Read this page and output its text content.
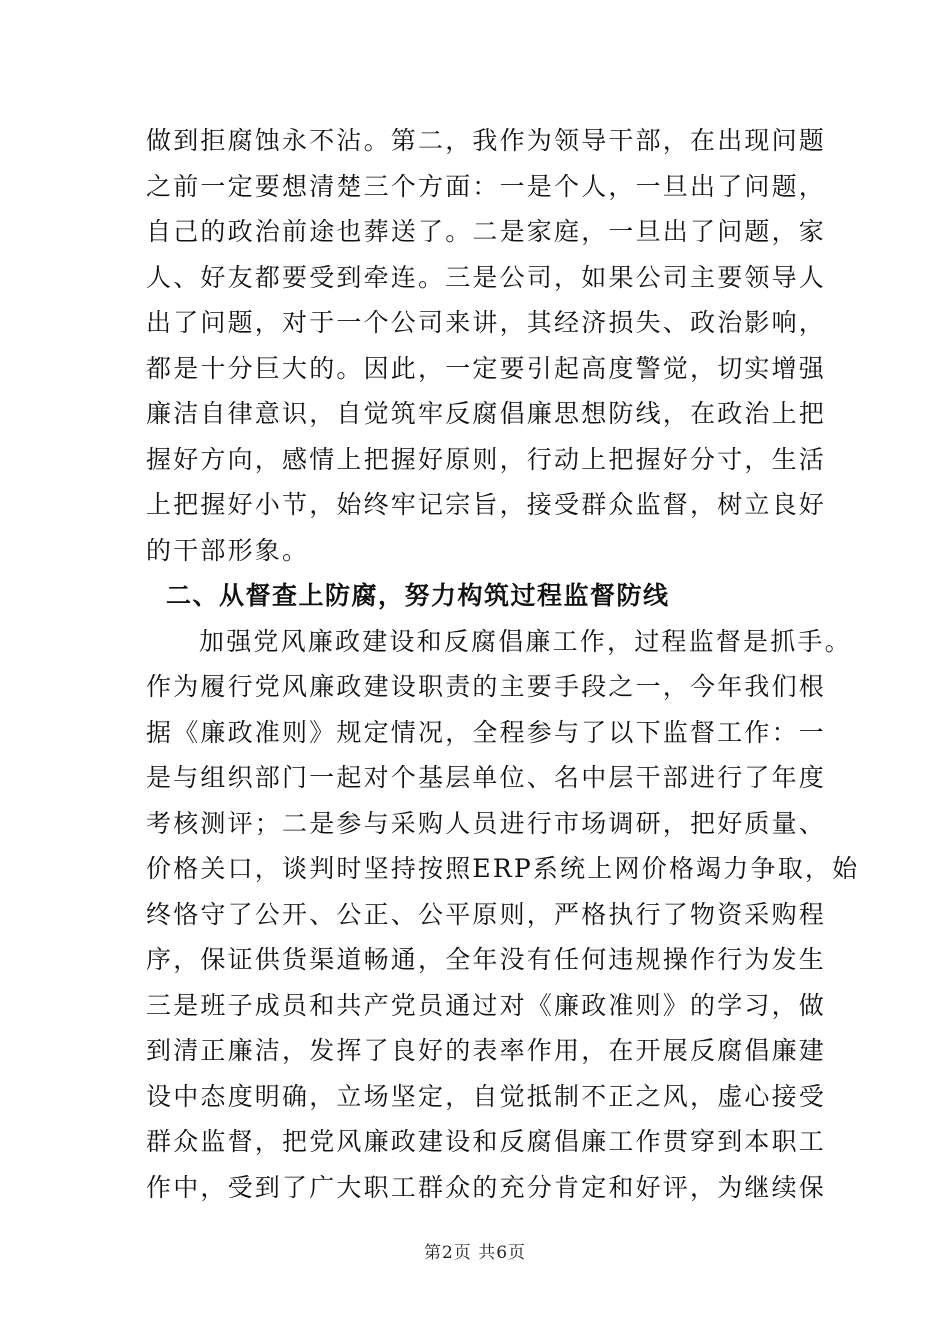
做到拒腐蚀永不沾。第二，我作为领导干部，在出现问题
之前一定要想清楚三个方面：一是个人，一旦出了问题，
自己的政治前途也葬送了。二是家庭，一旦出了问题，家
人、好友都要受到牵连。三是公司，如果公司主要领导人
出了问题，对于一个公司来讲，其经济损失、政治影响，
都是十分巨大的。因此，一定要引起高度警觉，切实增强
廉洁自律意识，自觉筑牢反腐倡廉思想防线，在政治上把
握好方向，感情上把握好原则，行动上把握好分寸，生活
上把握好小节，始终牢记宗旨，接受群众监督，树立良好
的干部形象。
二、从督查上防腐，努力构筑过程监督防线
加强党风廉政建设和反腐倡廉工作，过程监督是抓手。
作为履行党风廉政建设职责的主要手段之一，今年我们根
据《廉政准则》规定情况，全程参与了以下监督工作：一
是与组织部门一起对个基层单位、名中层干部进行了年度
考核测评；二是参与采购人员进行市场调研，把好质量、
价格关口，谈判时坚持按照ERP系统上网价格竭力争取，始
终恪守了公开、公正、公平原则，严格执行了物资采购程
序，保证供货渠道畅通，全年没有任何违规操作行为发生
三是班子成员和共产党员通过对《廉政准则》的学习，做
到清正廉洁，发挥了良好的表率作用，在开展反腐倡廉建
设中态度明确，立场坚定，自觉抵制不正之风，虚心接受
群众监督，把党风廉政建设和反腐倡廉工作贯穿到本职工
作中，受到了广大职工群众的充分肯定和好评，为继续保
第2页 共6页
